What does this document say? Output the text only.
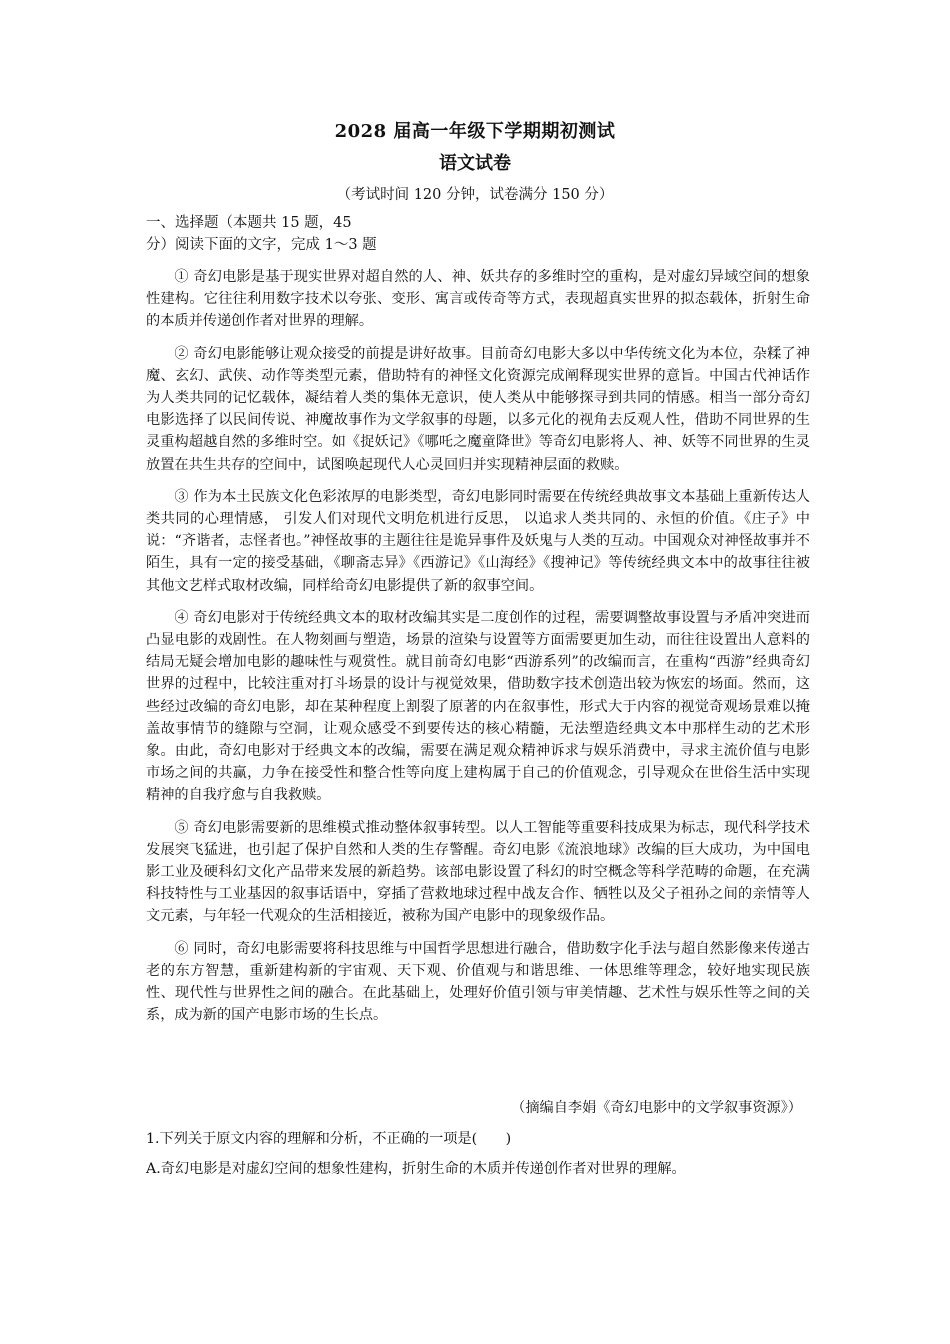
2028 届高一年级下学期期初测试
语文试卷
（考试时间 120 分钟，试卷满分 150 分）
一、选择题（本题共 15 题，45
分）阅读下面的文字，完成 1～3 题

① 奇幻电影是基于现实世界对超自然的人、神、妖共存的多维时空的重构，是对虚幻异域空间的想象性建构。它往往利用数字技术以夸张、变形、寓言或传奇等方式，表现超真实世界的拟态载体，折射生命的本质并传递创作者对世界的理解。

② 奇幻电影能够让观众接受的前提是讲好故事。目前奇幻电影大多以中华传统文化为本位，杂糅了神魔、玄幻、武侠、动作等类型元素，借助特有的神怪文化资源完成阐释现实世界的意旨。中国古代神话作为人类共同的记忆载体，凝结着人类的集体无意识，使人类从中能够探寻到共同的情感。相当一部分奇幻电影选择了以民间传说、神魔故事作为文学叙事的母题，以多元化的视角去反观人性，借助不同世界的生灵重构超越自然的多维时空。如《捉妖记》《哪吒之魔童降世》等奇幻电影将人、神、妖等不同世界的生灵放置在共生共存的空间中，试图唤起现代人心灵回归并实现精神层面的救赎。

③ 作为本土民族文化色彩浓厚的电影类型，奇幻电影同时需要在传统经典故事文本基础上重新传达人类共同的心理情感， 引发人们对现代文明危机进行反思， 以追求人类共同的、永恒的价值。《庄子》中说：“齐谐者，志怪者也。”神怪故事的主题往往是诡异事件及妖鬼与人类的互动。中国观众对神怪故事并不陌生，具有一定的接受基础，《聊斋志异》《西游记》《山海经》《搜神记》等传统经典文本中的故事往往被其他文艺样式取材改编，同样给奇幻电影提供了新的叙事空间。

④ 奇幻电影对于传统经典文本的取材改编其实是二度创作的过程，需要调整故事设置与矛盾冲突进而凸显电影的戏剧性。在人物刻画与塑造，场景的渲染与设置等方面需要更加生动，而往往设置出人意料的结局无疑会增加电影的趣味性与观赏性。就目前奇幻电影“西游系列”的改编而言，在重构“西游”经典奇幻世界的过程中，比较注重对打斗场景的设计与视觉效果，借助数字技术创造出较为恢宏的场面。然而，这些经过改编的奇幻电影，却在某种程度上割裂了原著的内在叙事性，形式大于内容的视觉奇观场景难以掩盖故事情节的缝隙与空洞，让观众感受不到要传达的核心精髓，无法塑造经典文本中那样生动的艺术形象。由此，奇幻电影对于经典文本的改编，需要在满足观众精神诉求与娱乐消费中，寻求主流价值与电影市场之间的共赢，力争在接受性和整合性等向度上建构属于自己的价值观念，引导观众在世俗生活中实现精神的自我疗愈与自我救赎。

⑤ 奇幻电影需要新的思维模式推动整体叙事转型。以人工智能等重要科技成果为标志，现代科学技术发展突飞猛进，也引起了保护自然和人类的生存警醒。奇幻电影《流浪地球》改编的巨大成功，为中国电影工业及硬科幻文化产品带来发展的新趋势。该部电影设置了科幻的时空概念等科学范畴的命题，在充满科技特性与工业基因的叙事话语中，穿插了营救地球过程中战友合作、牺牲以及父子祖孙之间的亲情等人文元素，与年轻一代观众的生活相接近，被称为国产电影中的现象级作品。

⑥ 同时，奇幻电影需要将科技思维与中国哲学思想进行融合，借助数字化手法与超自然影像来传递古老的东方智慧，重新建构新的宇宙观、天下观、价值观与和谐思维、一体思维等理念，较好地实现民族性、现代性与世界性之间的融合。在此基础上，处理好价值引领与审美情趣、艺术性与娱乐性等之间的关系，成为新的国产电影市场的生长点。

（摘编自李娟《奇幻电影中的文学叙事资源》）
1.下列关于原文内容的理解和分析，不正确的一项是(　　)
A.奇幻电影是对虚幻空间的想象性建构，折射生命的木质并传递创作者对世界的理解。
